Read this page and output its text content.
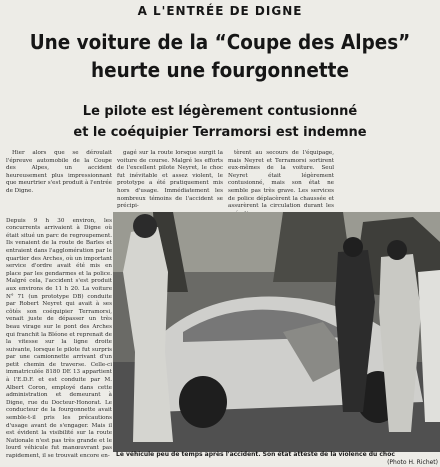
A L'ENTRÉE DE DIGNE
Une voiture de la “Coupe des Alpes”
heurte une fourgonnette
Le pilote est légèrement contusionné
et le coéquipier Terramorsi est indemne

Hier alors que se déroulait l'épreuve automobile de la Coupe des Alpes, un accident heureusement plus impressionnant que meurtrier s'est produit à l'entrée de Digne.

gagé sur la route lorsque surgit la voiture de course. Malgré les efforts de l'excellent pilote Neyret, le choc fut inévitable et assez violent, le prototype a été pratiquement mis hors d'usage. Immédiatement les nombreux témoins de l'accident se précipi-

tèrent au secours de l'équipage, mais Neyret et Terramorsi sortirent eux-mêmes de la voiture. Seul Neyret était légèrement contusionné, mais son état ne semble pas très grave. Les services de police déplacèrent la chaussée et assurèrent la circulation durant les

Depuis 9 h 30 environ, les concurrents arrivaient à Digne où était situé un parc de regroupement. Ils venaient de la route de Barles et entraient dans l'agglomération par le quartier des Arches, où un important service d'ordre avait été mis en place par les gendarmes et la police. Malgré cela, l'accident s'est produit aux environs de 11 h 20. La voiture N° 71 (un prototype DB) conduite par Robert Neyret qui avait à ses côtés son coéquipier Terramorsi, venait juste de dépasser un très beau virage sur le pont des Arches qui franchit la Bléone et reprenait de la vitesse sur la ligne droite suivante, lorsque le pilote fut surpris par une camionnette arrivant d'un petit chemin de traverse. Celle-ci immatriculée 8180 DE 13 appartient à l'E.D.F. et est conduite par M. Albert Coron, employé dans cette administration et demeurant à Digne, rue du Docteur-Honorat. Le conducteur de la fourgonnette avait semble-t-il pris les précautions d'usage avant de s'engager. Mais il est évident la visibilité sur la route Nationale n'est pas très grande et le lourd véhicule fut manœuvrant pas rapidement, il se trouvait encore en-	Le véhicule peu de temps après l'accident. Son état atteste de la violence du choc
(Photo H. Richet)
